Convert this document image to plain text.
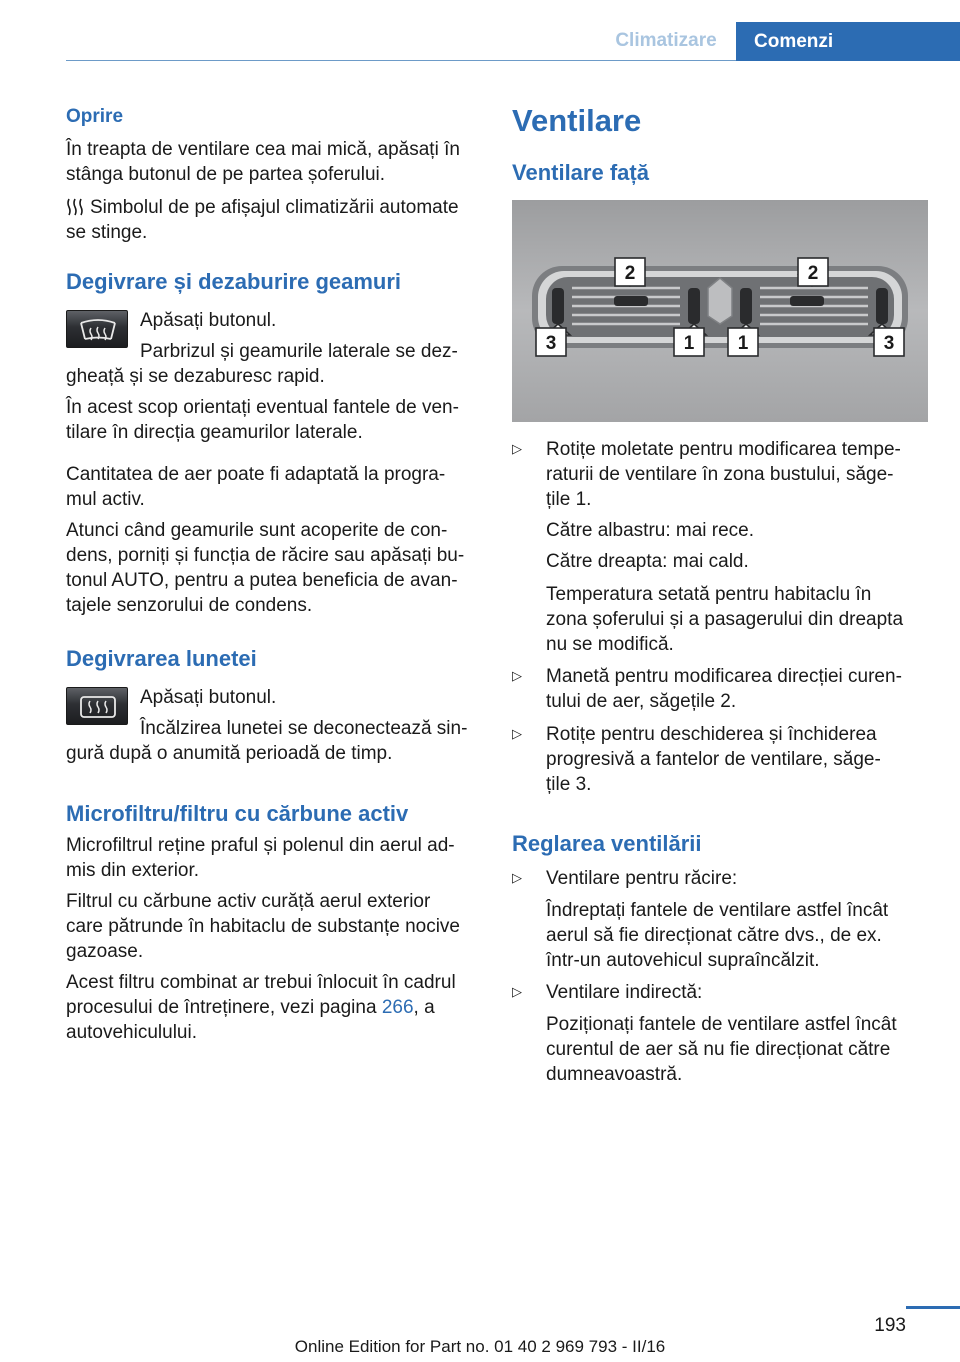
Climatizare	Comenzi
Oprire
În treapta de ventilare cea mai mică, apăsați în
stânga butonul de pe partea șoferului.
Simbolul de pe afișajul climatizării automate
se stinge.
Degivrare și dezaburire geamuri
Apăsați butonul.
Parbrizul și geamurile laterale se dez-
gheață și se dezaburesc rapid.
În acest scop orientați eventual fantele de ven-
tilare în direcția geamurilor laterale.
Cantitatea de aer poate fi adaptată la progra-
mul activ.
Atunci când geamurile sunt acoperite de con-
dens, porniți și funcția de răcire sau apăsați bu-
tonul AUTO, pentru a putea beneficia de avan-
tajele senzorului de condens.
Degivrarea lunetei
Apăsați butonul.
Încălzirea lunetei se deconectează sin-
gură după o anumită perioadă de timp.
Microfiltru/filtru cu cărbune activ
Microfiltrul reține praful și polenul din aerul ad-
mis din exterior.
Filtrul cu cărbune activ curăță aerul exterior
care pătrunde în habitaclu de substanțe nocive
gazoase.
Acest filtru combinat ar trebui înlocuit în cadrul
procesului de întreținere, vezi pagina 266, a
autovehiculului.
Ventilare
Ventilare față
2	2
3	3
1 1
▷ Rotițe moletate pentru modificarea tempe-
raturii de ventilare în zona bustului, săge-
țile 1.
Către albastru: mai rece.
Către dreapta: mai cald.
Temperatura setată pentru habitaclu în
zona șoferului și a pasagerului din dreapta
nu se modifică.
▷ Manetă pentru modificarea direcției curen-
tului de aer, săgețile 2.
▷ Rotițe pentru deschiderea și închiderea
progresivă a fantelor de ventilare, săge-
țile 3.
Reglarea ventilării
▷ Ventilare pentru răcire:
Îndreptați fantele de ventilare astfel încât
aerul să fie direcționat către dvs., de ex.
într-un autovehicul supraîncălzit.
▷ Ventilare indirectă:
Poziționați fantele de ventilare astfel încât
curentul de aer să nu fie direcționat către
dumneavoastră.
193
Online Edition for Part no. 01 40 2 969 793 - II/16
